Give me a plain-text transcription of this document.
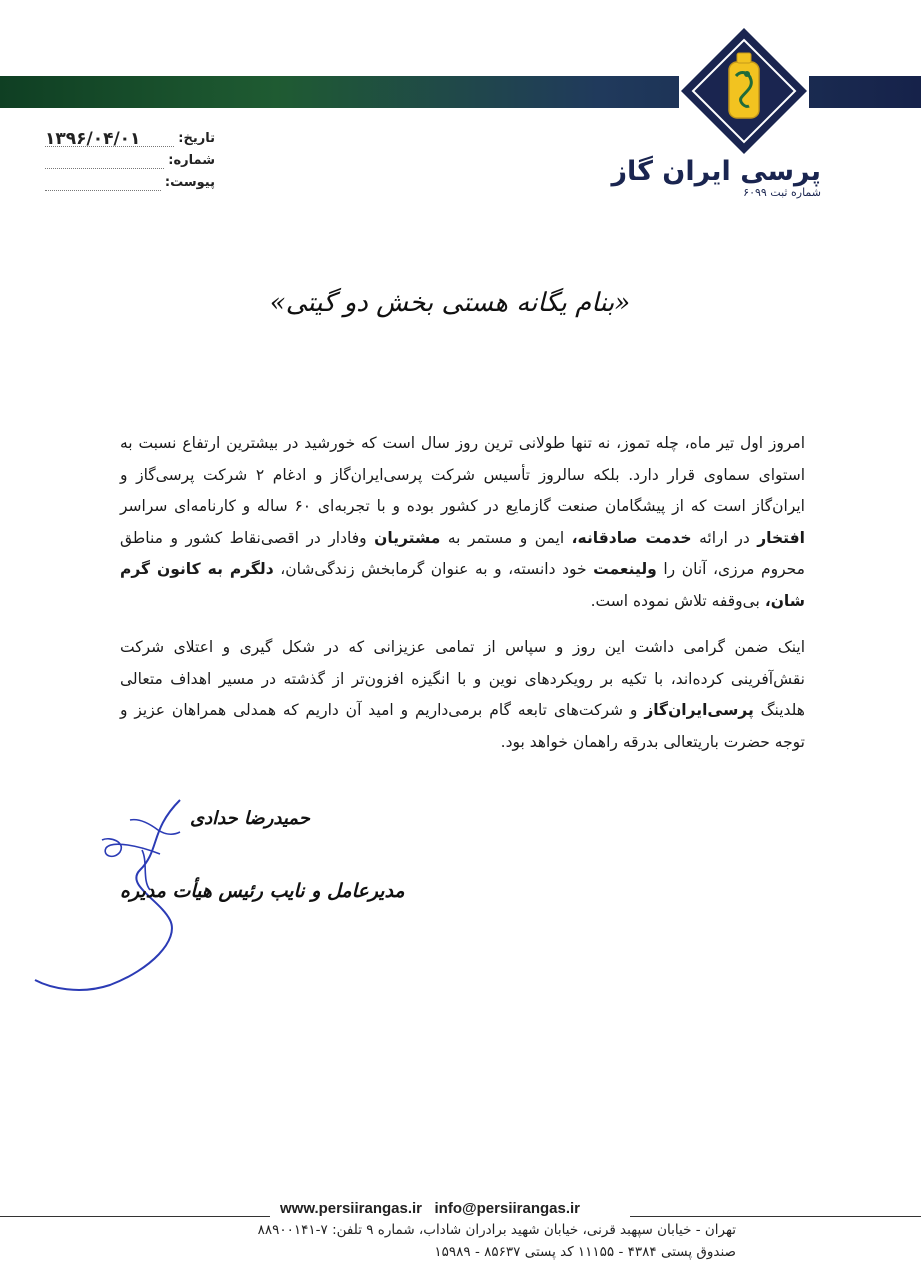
پرسی ایران گاز
شماره ثبت ۶۰۹۹
تاریخ:
۱۳۹۶/۰۴/۰۱
شماره:
پیوست:
«بنام یگانه هستی بخش دو گیتی»

امروز اول تیر ماه، چله تموز، نه تنها طولانی ترین روز سال است که خورشید در بیشترین ارتفاع نسبت به استوای سماوی قرار دارد. بلکه سالروز تأسیس شرکت پرسی‌ایران‌گاز و ادغام ۲ شرکت پرسی‌گاز و ایران‌گاز است که از پیشگامان صنعت گازمایع در کشور بوده و با تجربه‌ای ۶۰ ساله و کارنامه‌ای سراسر افتخار در ارائه خدمت صادقانه، ایمن و مستمر به مشتریان وفادار در اقصی‌نقاط کشور و مناطق محروم مرزی، آنان را ولینعمت خود دانسته، و به عنوان گرمابخش زندگی‌شان، دلگرم به کانون گرم شان، بی‌وقفه تلاش نموده است.

اینک ضمن گرامی داشت این روز و سپاس از تمامی عزیزانی که در شکل گیری و اعتلای شرکت نقش‌آفرینی کرده‌اند، با تکیه بر رویکردهای نوین و با انگیزه افزون‌تر از گذشته در مسیر اهداف متعالی هلدینگ پرسی‌ایران‌گاز و شرکت‌های تابعه گام برمی‌داریم و امید آن داریم که همدلی همراهان عزیز و توجه حضرت باریتعالی بدرقه راهمان خواهد بود.

حمیدرضا حدادی
مدیرعامل و نایب رئیس هیأت مدیره
www.persiirangas.ir info@persiirangas.ir
تهران - خیابان سپهبد قرنی، خیابان شهید برادران شاداب، شماره ۹ تلفن: ۷-۸۸۹۰۰۱۴۱
صندوق پستی ۴۳۸۴ - ۱۱۱۵۵ کد پستی ۸۵۶۳۷ - ۱۵۹۸۹
